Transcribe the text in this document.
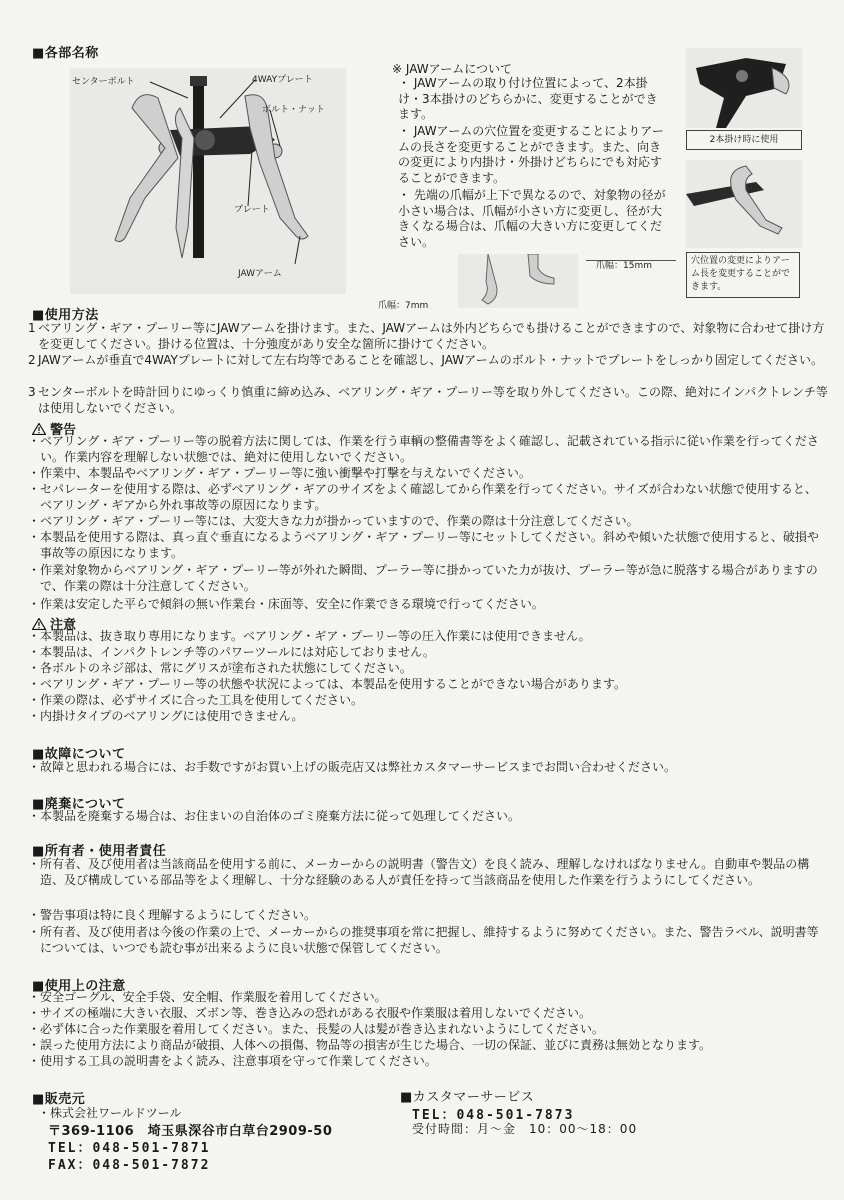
■ 各部名称
センターボルト	4WAYプレート
ボルト・ナット
プレート
JAWアーム
※ JAWアームについて
・ JAWアームの取り付け位置によって、2本掛け・3本掛けのどちらかに、変更することができます。
・ JAWアームの穴位置を変更することによりアームの長さを変更することができます。また、向きの変更により内掛け・外掛けどちらにでも対応することができます。
・ 先端の爪幅が上下で異なるので、対象物の径が小さい場合は、爪幅が小さい方に変更し、径が大きくなる場合は、爪幅の大きい方に変更してください。
爪幅：15mm
爪幅：7mm
2本掛け時に使用
穴位置の変更によりアーム長を変更することができます。
■ 使用方法
1 ベアリング・ギア・プーリー等にJAWアームを掛けます。また、JAWアームは外内どちらでも掛けることができますので、対象物に合わせて掛け方を変更してください。掛ける位置は、十分強度があり安全な箇所に掛けてください。
2 JAWアームが垂直で4WAYプレートに対して左右均等であることを確認し、JAWアームのボルト・ナットでプレートをしっかり固定してください。
3 センターボルトを時計回りにゆっくり慎重に締め込み、ベアリング・ギア・プーリー等を取り外してください。この際、絶対にインパクトレンチ等は使用しないでください。
警告
・ ベアリング・ギア・プーリー等の脱着方法に関しては、作業を行う車輌の整備書等をよく確認し、記載されている指示に従い作業を行ってください。作業内容を理解しない状態では、絶対に使用しないでください。
・ 作業中、本製品やベアリング・ギア・プーリー等に強い衝撃や打撃を与えないでください。
・ セパレーターを使用する際は、必ずベアリング・ギアのサイズをよく確認してから作業を行ってください。サイズが合わない状態で使用すると、ベアリング・ギアから外れ事故等の原因になります。
・ ベアリング・ギア・プーリー等には、大変大きな力が掛かっていますので、作業の際は十分注意してください。
・ 本製品を使用する際は、真っ直ぐ垂直になるようベアリング・ギア・プーリー等にセットしてください。斜めや傾いた状態で使用すると、破損や事故等の原因になります。
・ 作業対象物からベアリング・ギア・プーリー等が外れた瞬間、プーラー等に掛かっていた力が抜け、プーラー等が急に脱落する場合がありますので、作業の際は十分注意してください。
・ 作業は安定した平らで傾斜の無い作業台・床面等、安全に作業できる環境で行ってください。
注意
・ 本製品は、抜き取り専用になります。ベアリング・ギア・プーリー等の圧入作業には使用できません。
・ 本製品は、インパクトレンチ等のパワーツールには対応しておりません。
・ 各ボルトのネジ部は、常にグリスが塗布された状態にしてください。
・ ベアリング・ギア・プーリー等の状態や状況によっては、本製品を使用することができない場合があります。
・ 作業の際は、必ずサイズに合った工具を使用してください。
・ 内掛けタイプのベアリングには使用できません。
■ 故障について
・ 故障と思われる場合には、お手数ですがお買い上げの販売店又は弊社カスタマーサービスまでお問い合わせください。
■ 廃棄について
・ 本製品を廃棄する場合は、お住まいの自治体のゴミ廃棄方法に従って処理してください。
■ 所有者・使用者責任
・ 所有者、及び使用者は当該商品を使用する前に、メーカーからの説明書（警告文）を良く読み、理解しなければなりません。自動車や製品の構造、及び構成している部品等をよく理解し、十分な経験のある人が責任を持って当該商品を使用した作業を行うようにしてください。
・ 警告事項は特に良く理解するようにしてください。
・ 所有者、及び使用者は今後の作業の上で、メーカーからの推奨事項を常に把握し、維持するように努めてください。また、警告ラベル、説明書等については、いつでも読む事が出来るように良い状態で保管してください。
■ 使用上の注意
・ 安全ゴーグル、安全手袋、安全帽、作業服を着用してください。
・ サイズの極端に大きい衣服、ズボン等、巻き込みの恐れがある衣服や作業服は着用しないでください。
・ 必ず体に合った作業服を着用してください。また、長髪の人は髪が巻き込まれないようにしてください。
・ 誤った使用方法により商品が破損、人体への損傷、物品等の損害が生じた場合、一切の保証、並びに責務は無効となります。
・ 使用する工具の説明書をよく読み、注意事項を守って作業してください。
■ 販売元
・株式会社ワールドツール
〒369-1106　埼玉県深谷市白草台2909-50
TEL：048-501-7871
FAX：048-501-7872
■ カスタマーサービス
TEL：048-501-7873
受付時間：月～金　10：00～18：00
